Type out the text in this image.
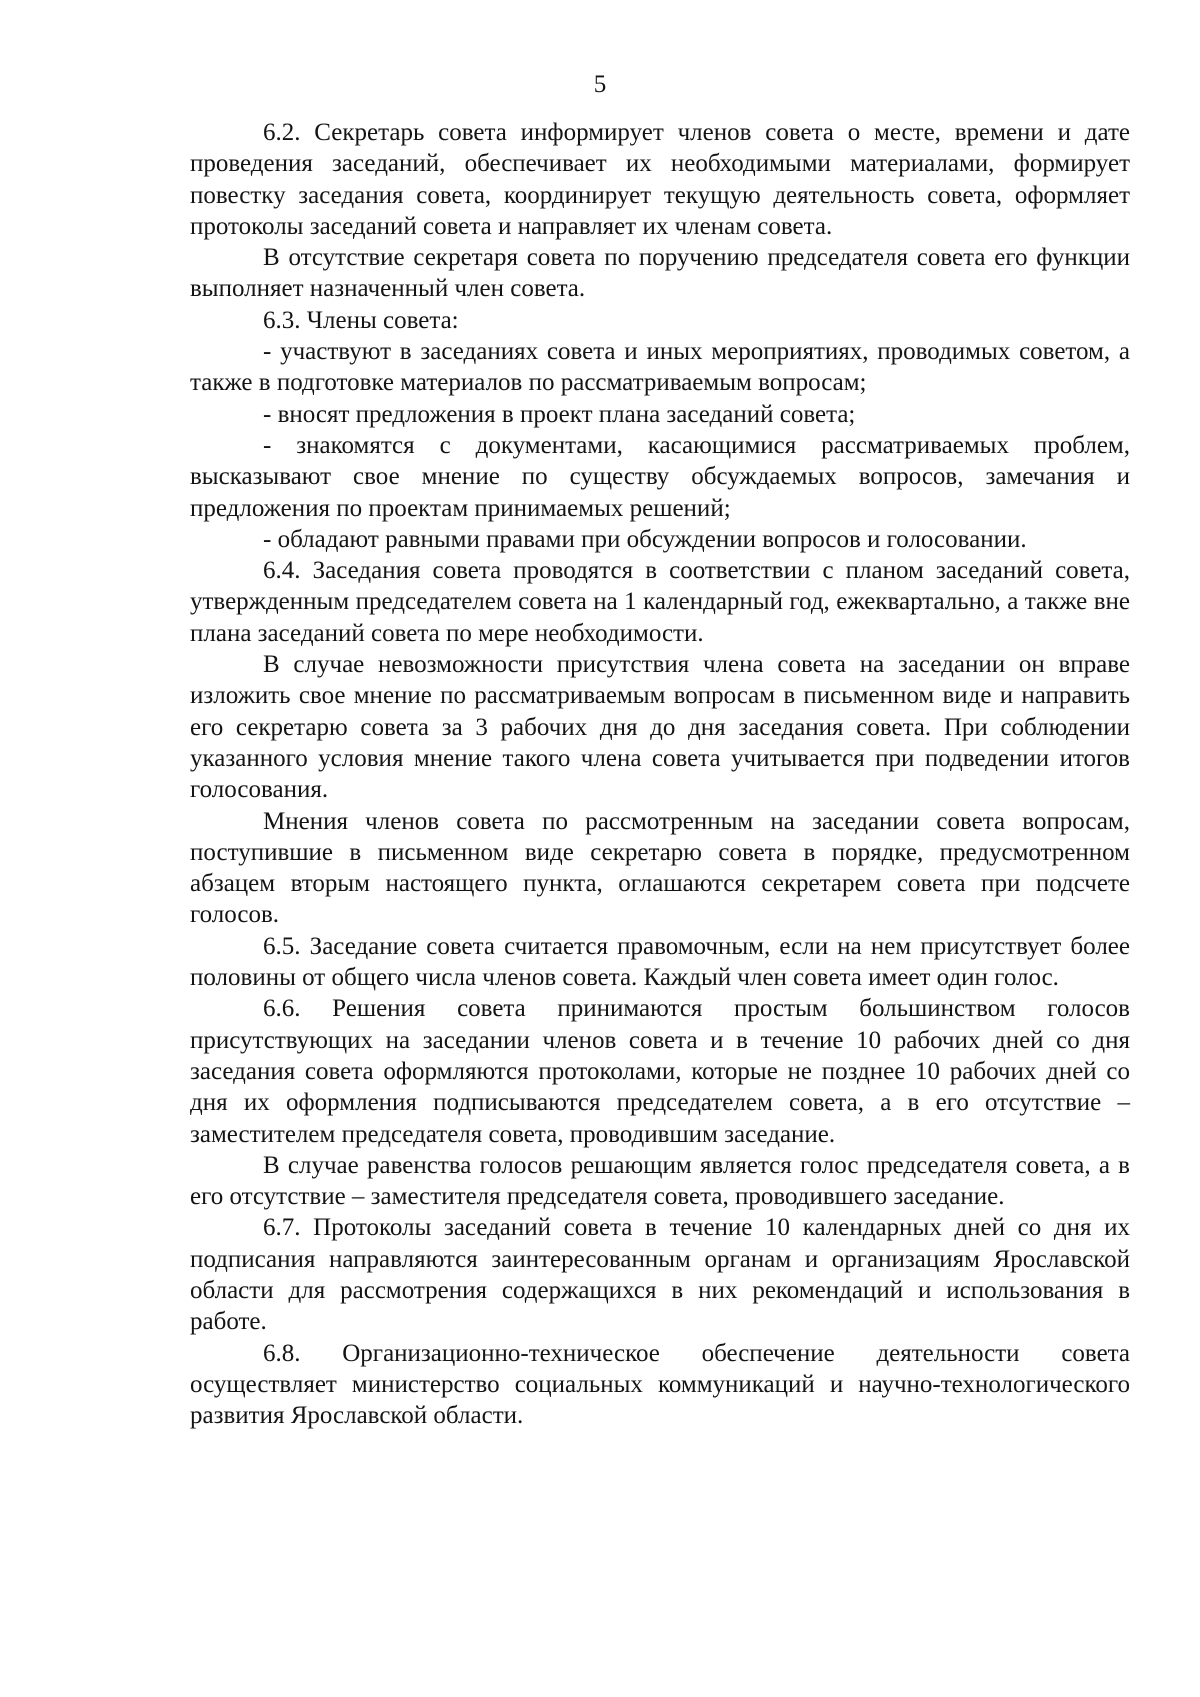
5

6.2. Секретарь совета информирует членов совета о месте, времени и дате проведения заседаний, обеспечивает их необходимыми материалами, формирует повестку заседания совета, координирует текущую деятельность совета, оформляет протоколы заседаний совета и направляет их членам совета.

В отсутствие секретаря совета по поручению председателя совета его функции выполняет назначенный член совета.

6.3. Члены совета:

- участвуют в заседаниях совета и иных мероприятиях, проводимых советом, а также в подготовке материалов по рассматриваемым вопросам;

- вносят предложения в проект плана заседаний совета;

- знакомятся с документами, касающимися рассматриваемых проблем, высказывают свое мнение по существу обсуждаемых вопросов, замечания и предложения по проектам принимаемых решений;

- обладают равными правами при обсуждении вопросов и голосовании.

6.4. Заседания совета проводятся в соответствии с планом заседаний совета, утвержденным председателем совета на 1 календарный год, ежеквартально, а также вне плана заседаний совета по мере необходимости.

В случае невозможности присутствия члена совета на заседании он вправе изложить свое мнение по рассматриваемым вопросам в письменном виде и направить его секретарю совета за 3 рабочих дня до дня заседания совета. При соблюдении указанного условия мнение такого члена совета учитывается при подведении итогов голосования.

Мнения членов совета по рассмотренным на заседании совета вопросам, поступившие в письменном виде секретарю совета в порядке, предусмотренном абзацем вторым настоящего пункта, оглашаются секретарем совета при подсчете голосов.

6.5. Заседание совета считается правомочным, если на нем присутствует более половины от общего числа членов совета. Каждый член совета имеет один голос.

6.6. Решения совета принимаются простым большинством голосов присутствующих на заседании членов совета и в течение 10 рабочих дней со дня заседания совета оформляются протоколами, которые не позднее 10 рабочих дней со дня их оформления подписываются председателем совета, а в его отсутствие – заместителем председателя совета, проводившим заседание.

В случае равенства голосов решающим является голос председателя совета, а в его отсутствие – заместителя председателя совета, проводившего заседание.

6.7. Протоколы заседаний совета в течение 10 календарных дней со дня их подписания направляются заинтересованным органам и организациям Ярославской области для рассмотрения содержащихся в них рекомендаций и использования в работе.

6.8. Организационно-техническое обеспечение деятельности совета осуществляет министерство социальных коммуникаций и научно-технологического развития Ярославской области.
